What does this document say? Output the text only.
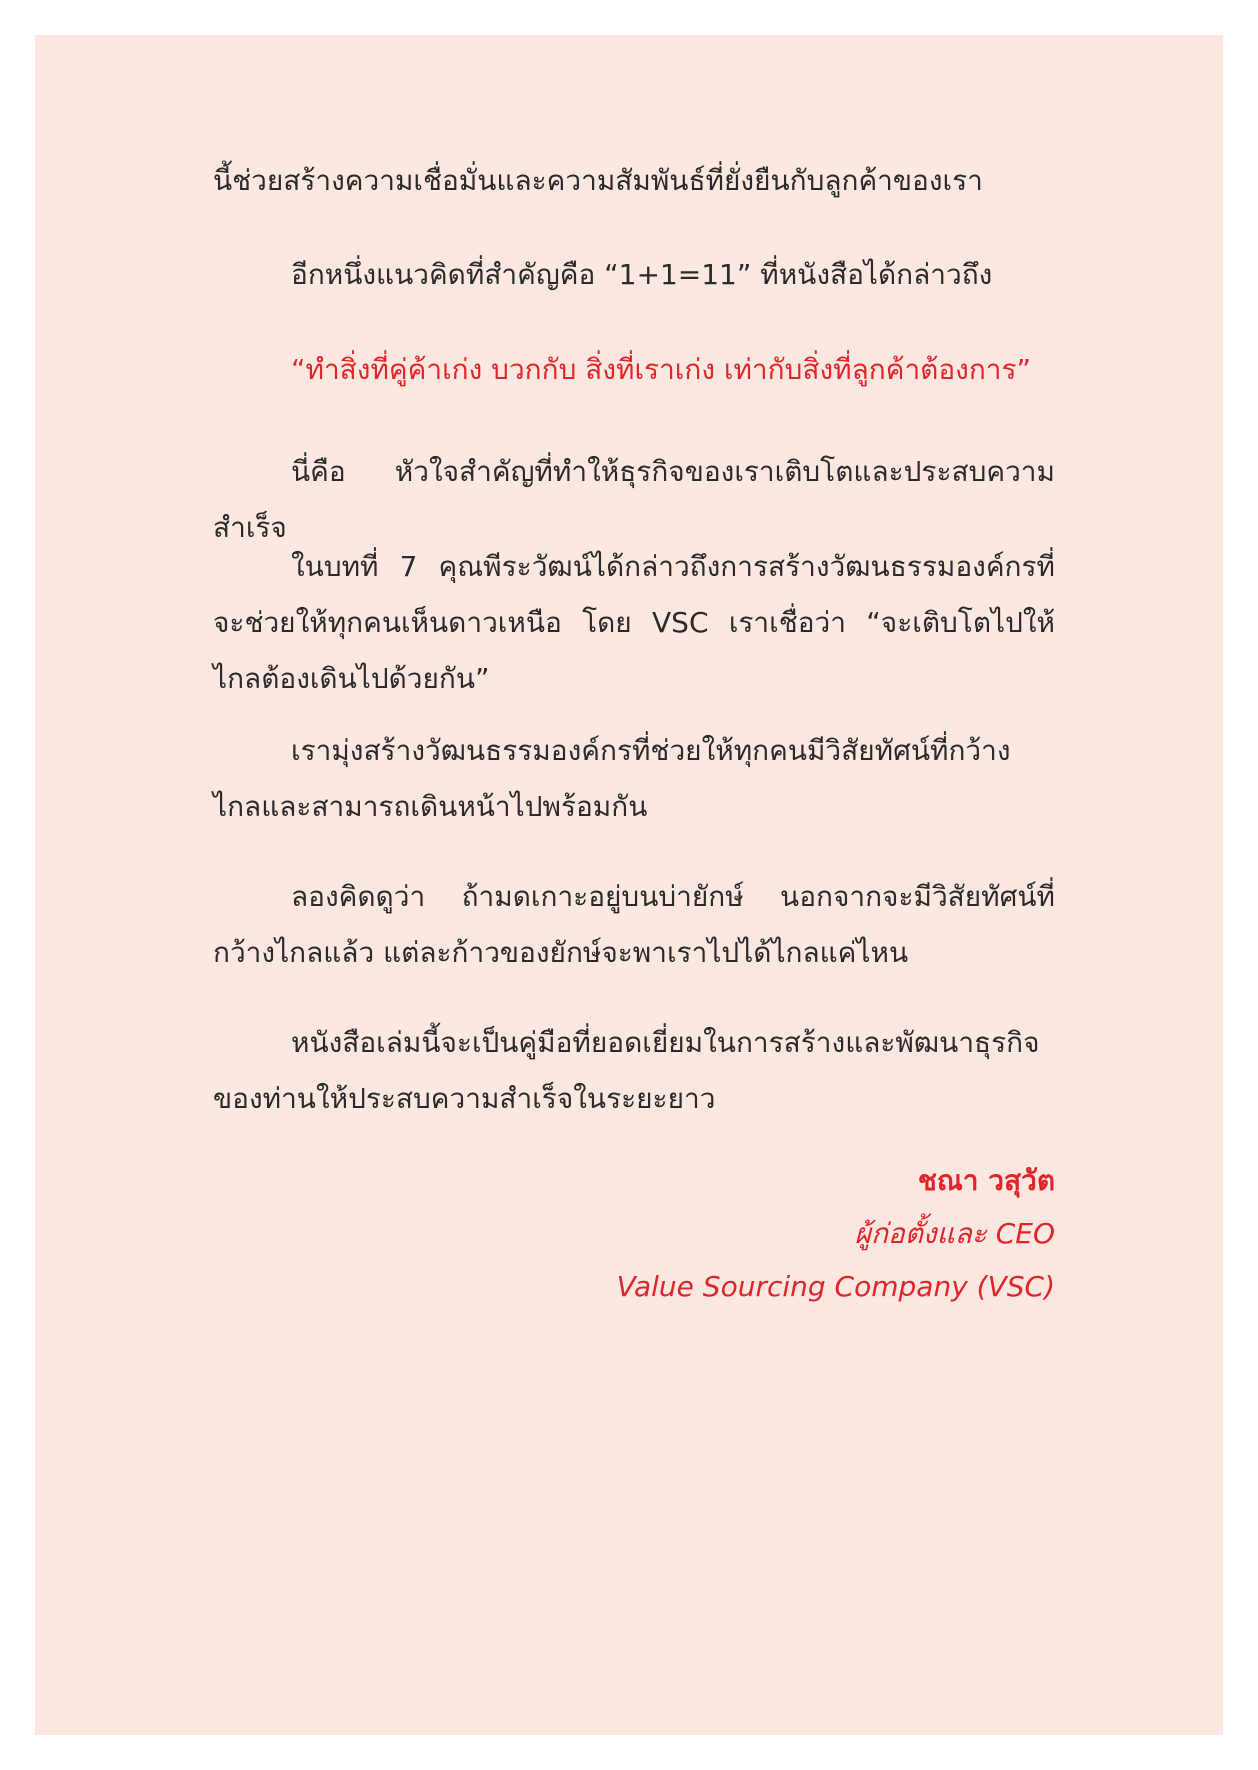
นี้ช่วยสร้างความเชื่อมั่นและความสัมพันธ์ที่ยั่งยืนกับลูกค้าของเรา

อีกหนึ่งแนวคิดที่สำคัญคือ “1+1=11” ที่หนังสือได้กล่าวถึง

“ทำสิ่งที่คู่ค้าเก่ง บวกกับ สิ่งที่เราเก่ง เท่ากับสิ่งที่ลูกค้าต้องการ”

นี่คือ หัวใจสำคัญที่ทำให้ธุรกิจของเราเติบโตและประสบความสำเร็จ

ในบทที่ 7 คุณพีระวัฒน์ได้กล่าวถึงการสร้างวัฒนธรรมองค์กรที่จะช่วยให้ทุกคนเห็นดาวเหนือ โดย VSC เราเชื่อว่า “จะเติบโตไปให้ไกลต้องเดินไปด้วยกัน”

เรามุ่งสร้างวัฒนธรรมองค์กรที่ช่วยให้ทุกคนมีวิสัยทัศน์ที่กว้างไกลและสามารถเดินหน้าไปพร้อมกัน

ลองคิดดูว่า ถ้ามดเกาะอยู่บนบ่ายักษ์ นอกจากจะมีวิสัยทัศน์ที่กว้างไกลแล้ว แต่ละก้าวของยักษ์จะพาเราไปได้ไกลแค่ไหน

หนังสือเล่มนี้จะเป็นคู่มือที่ยอดเยี่ยมในการสร้างและพัฒนาธุรกิจของท่านให้ประสบความสำเร็จในระยะยาว

ชณา วสุวัต

ผู้ก่อตั้งและ CEO

Value Sourcing Company (VSC)
